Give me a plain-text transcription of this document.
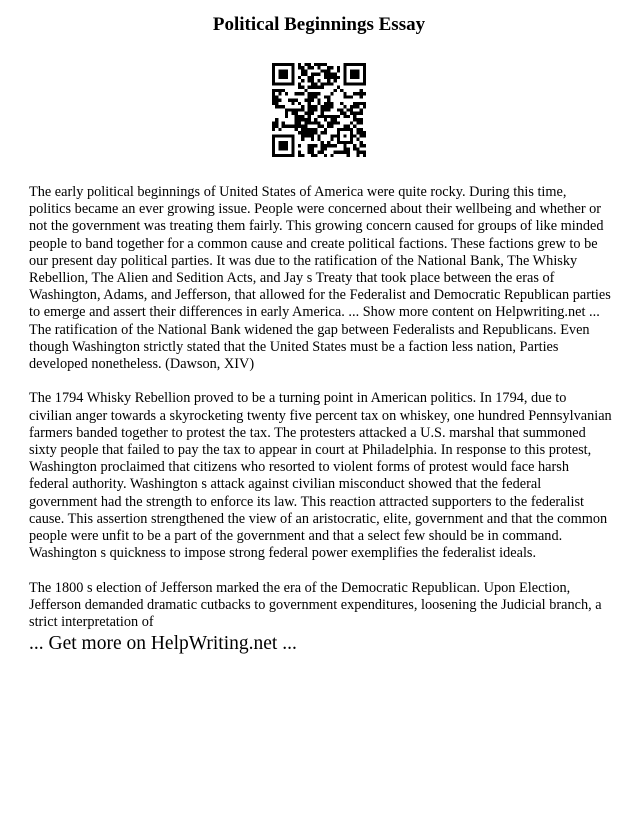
Political Beginnings Essay

The early political beginnings of United States of America were quite rocky. During this time, politics became an ever growing issue. People were concerned about their wellbeing and whether or not the government was treating them fairly. This growing concern caused for groups of like minded people to band together for a common cause and create political factions. These factions grew to be our present day political parties. It was due to the ratification of the National Bank, The Whisky Rebellion, The Alien and Sedition Acts, and Jay s Treaty that took place between the eras of Washington, Adams, and Jefferson, that allowed for the Federalist and Democratic Republican parties to emerge and assert their differences in early America. ... Show more content on Helpwriting.net ...

The ratification of the National Bank widened the gap between Federalists and Republicans. Even though Washington strictly stated that the United States must be a faction less nation, Parties developed nonetheless. (Dawson, XIV)

The 1794 Whisky Rebellion proved to be a turning point in American politics. In 1794, due to civilian anger towards a skyrocketing twenty five percent tax on whiskey, one hundred Pennsylvanian farmers banded together to protest the tax. The protesters attacked a U.S. marshal that summoned sixty people that failed to pay the tax to appear in court at Philadelphia. In response to this protest, Washington proclaimed that citizens who resorted to violent forms of protest would face harsh federal authority. Washington s attack against civilian misconduct showed that the federal government had the strength to enforce its law. This reaction attracted supporters to the federalist cause. This assertion strengthened the view of an aristocratic, elite, government and that the common people were unfit to be a part of the government and that a select few should be in command. Washington s quickness to impose strong federal power exemplifies the federalist ideals.

The 1800 s election of Jefferson marked the era of the Democratic Republican. Upon Election, Jefferson demanded dramatic cutbacks to government expenditures, loosening the Judicial branch, a strict interpretation of

... Get more on HelpWriting.net ...
